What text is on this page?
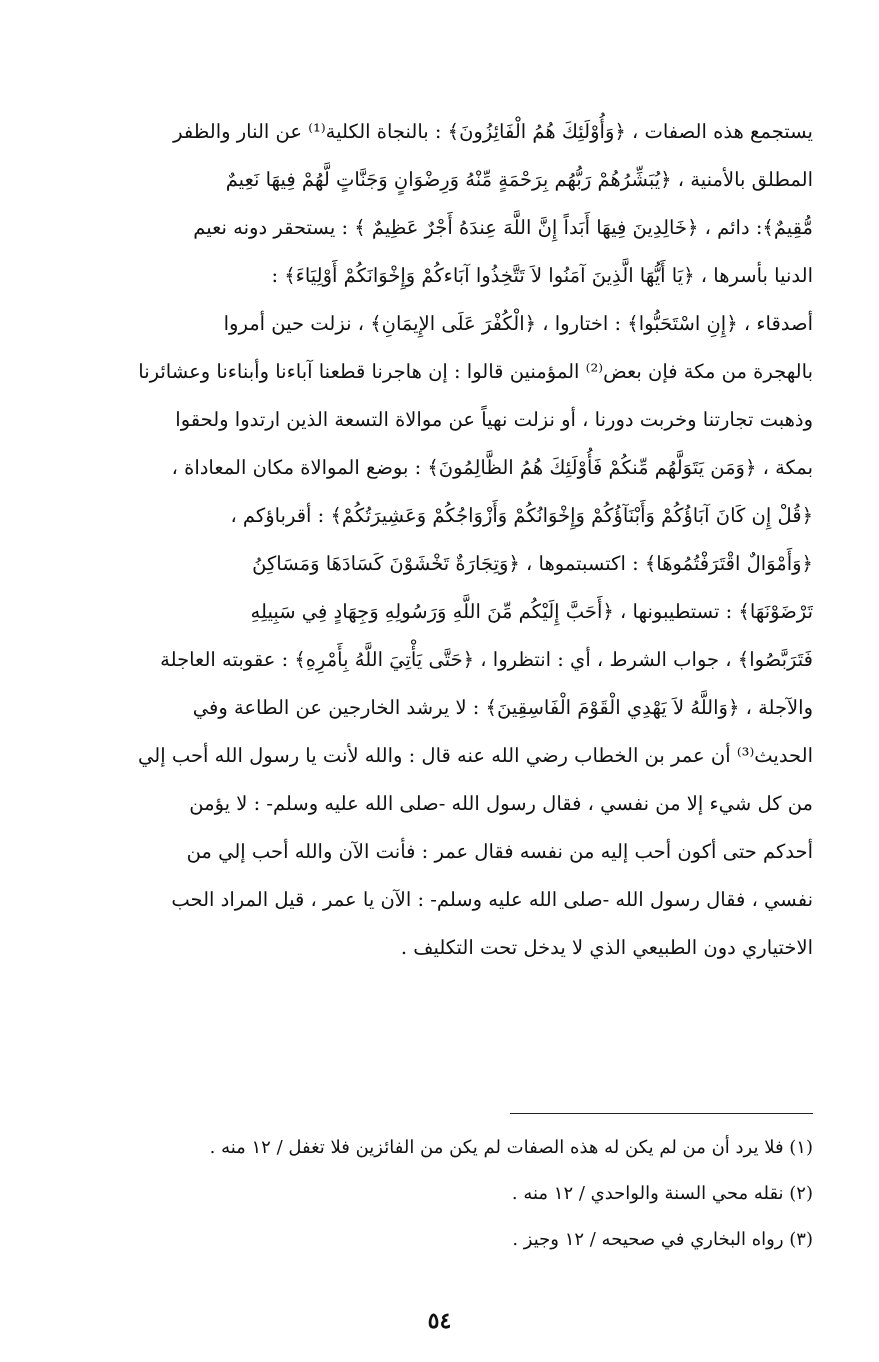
يستجمع هذه الصفات ، ﴿وَأُوْلَئِكَ هُمُ الْفَائِزُونَ﴾ : بالنجاة الكلية⁽¹⁾ عن النار والظفر
المطلق بالأمنية ، ﴿يُبَشِّرُهُمْ رَبُّهُم بِرَحْمَةٍ مِّنْهُ وَرِضْوَانٍ وَجَنَّاتٍ لَّهُمْ فِيهَا نَعِيمٌ
مُّقِيمٌ﴾: دائم ، ﴿خَالِدِينَ فِيهَا أَبَداً إِنَّ اللَّهَ عِندَهُ أَجْرٌ عَظِيمٌ ﴾ : يستحقر دونه نعيم
الدنيا بأسرها ، ﴿يَا أَيُّهَا الَّذِينَ آمَنُوا لاَ تَتَّخِذُوا آبَاءكُمْ وَإِخْوَانَكُمْ أَوْلِيَاءَ﴾ :
أصدقاء ، ﴿إِنِ اسْتَحَبُّوا﴾ : اختاروا ، ﴿الْكُفْرَ عَلَى الإِيمَانِ﴾ ، نزلت حين أمروا
بالهجرة من مكة فإن بعض⁽²⁾ المؤمنين قالوا : إن هاجرنا قطعنا آباءنا وأبناءنا وعشائرنا
وذهبت تجارتنا وخربت دورنا ، أو نزلت نهياً عن موالاة التسعة الذين ارتدوا ولحقوا
بمكة ، ﴿وَمَن يَتَوَلَّهُم مِّنكُمْ فَأُوْلَئِكَ هُمُ الظَّالِمُونَ﴾ : بوضع الموالاة مكان المعاداة ،
﴿قُلْ إِن كَانَ آبَاؤُكُمْ وَأَبْنَآؤُكُمْ وَإِخْوَانُكُمْ وَأَزْوَاجُكُمْ وَعَشِيرَتُكُمْ﴾ : أقرباؤكم ،
﴿وَأَمْوَالٌ اقْتَرَفْتُمُوهَا﴾ : اكتسبتموها ، ﴿وَتِجَارَةٌ تَخْشَوْنَ كَسَادَهَا وَمَسَاكِنُ
تَرْضَوْنَهَا﴾ : تستطيبونها ، ﴿أَحَبَّ إِلَيْكُم مِّنَ اللَّهِ وَرَسُولِهِ وَجِهَادٍ فِي سَبِيلِهِ
فَتَرَبَّصُوا﴾ ، جواب الشرط ، أي : انتظروا ، ﴿حَتَّى يَأْتِيَ اللَّهُ بِأَمْرِهِ﴾ : عقوبته العاجلة
والآجلة ، ﴿وَاللَّهُ لاَ يَهْدِي الْقَوْمَ الْفَاسِقِينَ﴾ : لا يرشد الخارجين عن الطاعة وفي
الحديث⁽³⁾ أن عمر بن الخطاب رضي الله عنه قال : والله لأنت يا رسول الله أحب إلي
من كل شيء إلا من نفسي ، فقال رسول الله -صلى الله عليه وسلم- : لا يؤمن
أحدكم حتى أكون أحب إليه من نفسه فقال عمر : فأنت الآن والله أحب إلي من
نفسي ، فقال رسول الله -صلى الله عليه وسلم- : الآن يا عمر ، قيل المراد الحب
الاختياري دون الطبيعي الذي لا يدخل تحت التكليف .
(١) فلا يرد أن من لم يكن له هذه الصفات لم يكن من الفائزين فلا تغفل / ١٢ منه .
(٢) نقله محي السنة والواحدي / ١٢ منه .
(٣) رواه البخاري في صحيحه / ١٢ وجيز .
٥٤
